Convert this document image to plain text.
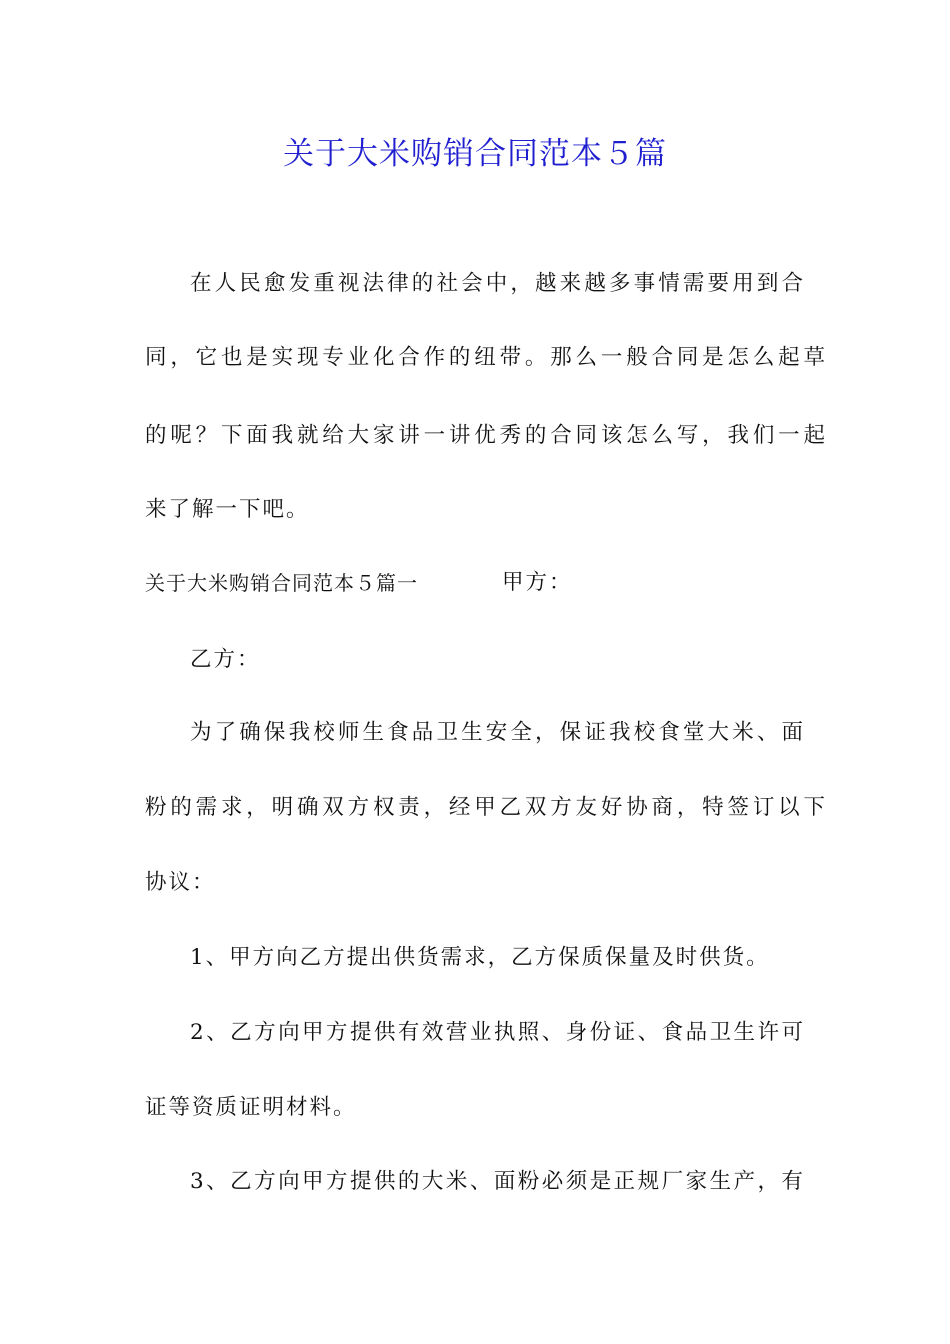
关于大米购销合同范本５篇
在人民愈发重视法律的社会中，越来越多事情需要用到合
同，它也是实现专业化合作的纽带。那么一般合同是怎么起草
的呢？下面我就给大家讲一讲优秀的合同该怎么写，我们一起
来了解一下吧。
关于大米购销合同范本５篇一	甲方：
乙方：
为了确保我校师生食品卫生安全，保证我校食堂大米、面
粉的需求，明确双方权责，经甲乙双方友好协商，特签订以下
协议：
1、甲方向乙方提出供货需求，乙方保质保量及时供货。
2、乙方向甲方提供有效营业执照、身份证、食品卫生许可
证等资质证明材料。
3、乙方向甲方提供的大米、面粉必须是正规厂家生产，有
